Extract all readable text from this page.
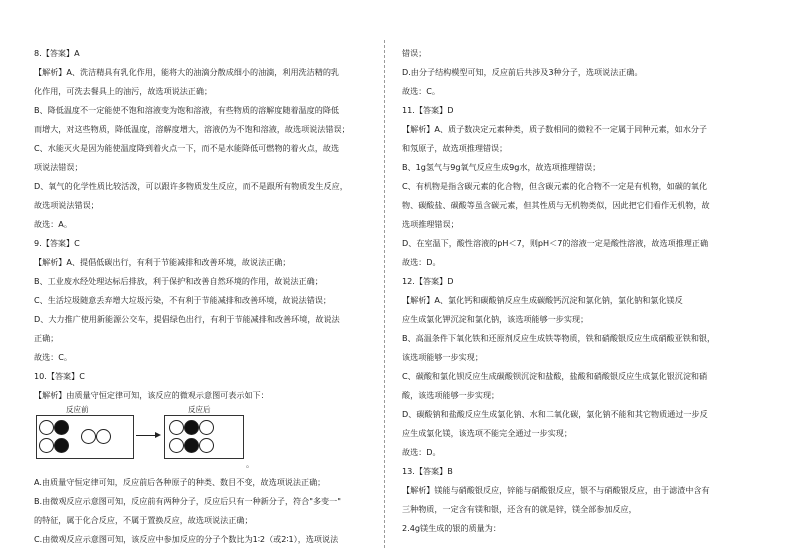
8.【答案】A
【解析】A、洗洁精具有乳化作用，能将大的油滴分散成细小的油滴，利用洗洁精的乳
化作用，可洗去餐具上的油污，故选项说法正确；
B、降低温度不一定能使不饱和溶液变为饱和溶液，有些物质的溶解度随着温度的降低
而增大，对这些物质，降低温度，溶解度增大，溶液仍为不饱和溶液，故选项说法错误；
C、水能灭火是因为能使温度降到着火点一下，而不是水能降低可燃物的着火点，故选
项说法错误；
D、氧气的化学性质比较活泼，可以跟许多物质发生反应，而不是跟所有物质发生反应，
故选项说法错误；
故选：A。
9.【答案】C
【解析】A、提倡低碳出行，有利于节能减排和改善环境，故说法正确；
B、工业废水经处理达标后排放，利于保护和改善自然环境的作用，故说法正确；
C、生活垃圾随意丢弃增大垃圾污染，不有利于节能减排和改善环境，故说法错误；
D、大力推广使用新能源公交车，提倡绿色出行，有利于节能减排和改善环境，故说法
正确；
故选：C。
10.【答案】C
【解析】由质量守恒定律可知，该反应的微观示意图可表示如下：
反应前	反应后
。
A.由质量守恒定律可知，反应前后各种原子的种类、数目不变，故选项说法正确；
B.由微观反应示意图可知，反应前有两种分子，反应后只有一种新分子，符合"多变一"
的特征，属于化合反应，不属于置换反应，故选项说法正确；
C.由微观反应示意图可知，该反应中参加反应的分子个数比为1∶2（或2∶1），选项说法
错误；
D.由分子结构模型可知，反应前后共涉及3种分子，选项说法正确。
故选：C。
11.【答案】D
【解析】A、质子数决定元素种类，质子数相同的微粒不一定属于同种元素，如水分子
和氖原子，故选项推理错误；
B、1g氢气与9g氧气反应生成9g水，故选项推理错误；
C、有机物是指含碳元素的化合物，但含碳元素的化合物不一定是有机物，如碳的氧化
物、碳酸盐、碳酸等虽含碳元素，但其性质与无机物类似，因此把它们看作无机物，故
选项推理错误；
D、在室温下，酸性溶液的pH＜7，则pH＜7的溶液一定是酸性溶液，故选项推理正确
故选：D。
12.【答案】D
【解析】A、氯化钙和碳酸钠反应生成碳酸钙沉淀和氯化钠，氯化钠和氯化镁反
应生成氯化钾沉淀和氯化钠，该选项能够一步实现；
B、高温条件下氧化铁和还原剂反应生成铁等物质，铁和硝酸银反应生成硝酸亚铁和银，
该选项能够一步实现；
C、碳酸和氯化钡反应生成碳酸钡沉淀和盐酸，盐酸和硝酸银反应生成氯化银沉淀和硝
酸，该选项能够一步实现；
D、碳酸钠和盐酸反应生成氯化钠、水和二氧化碳，氯化钠不能和其它物质通过一步反
应生成氯化镁，该选项不能完全通过一步实现；
故选：D。
13.【答案】B
【解析】镁能与硝酸银反应，锌能与硝酸银反应，银不与硝酸银反应，由于滤渣中含有
三种物质，一定含有镁和银，还含有的就是锌，镁全部参加反应，
2.4g镁生成的银的质量为：
